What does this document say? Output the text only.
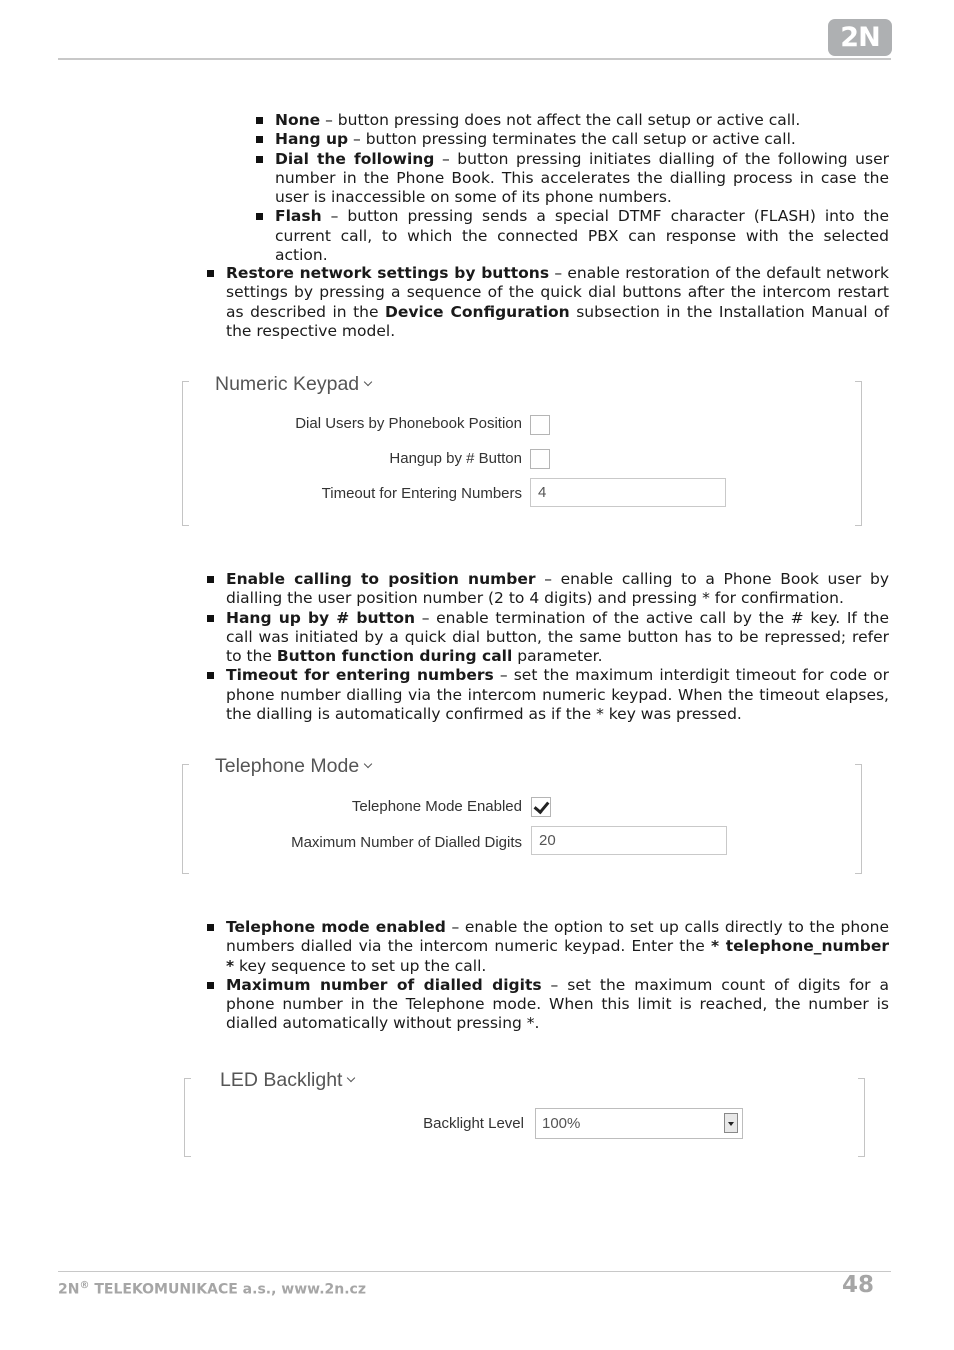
2N
None – button pressing does not affect the call setup or active call.
Hang up – button pressing terminates the call setup or active call.
Dial the following – button pressing initiates dialling of the following user number in the Phone Book. This accelerates the dialling process in case the user is inaccessible on some of its phone numbers.
Flash – button pressing sends a special DTMF character (FLASH) into the current call, to which the connected PBX can response with the selected action.
Restore network settings by buttons – enable restoration of the default network settings by pressing a sequence of the quick dial buttons after the intercom restart as described in the Device Configuration subsection in the Installation Manual of the respective model.
Numeric Keypad
Dial Users by Phonebook Position
Hangup by # Button
Timeout for Entering Numbers	4
Enable calling to position number – enable calling to a Phone Book user by dialling the user position number (2 to 4 digits) and pressing * for confirmation.
Hang up by # button – enable termination of the active call by the # key. If the call was initiated by a quick dial button, the same button has to be repressed; refer to the Button function during call parameter.
Timeout for entering numbers – set the maximum interdigit timeout for code or phone number dialling via the intercom numeric keypad. When the timeout elapses, the dialling is automatically confirmed as if the * key was pressed.
Telephone Mode
Telephone Mode Enabled
Maximum Number of Dialled Digits	20
Telephone mode enabled – enable the option to set up calls directly to the phone numbers dialled via the intercom numeric keypad. Enter the * telephone_number * key sequence to set up the call.
Maximum number of dialled digits – set the maximum count of digits for a phone number in the Telephone mode. When this limit is reached, the number is dialled automatically without pressing *.
LED Backlight
Backlight Level	100%
2N® TELEKOMUNIKACE a.s., www.2n.cz	48
